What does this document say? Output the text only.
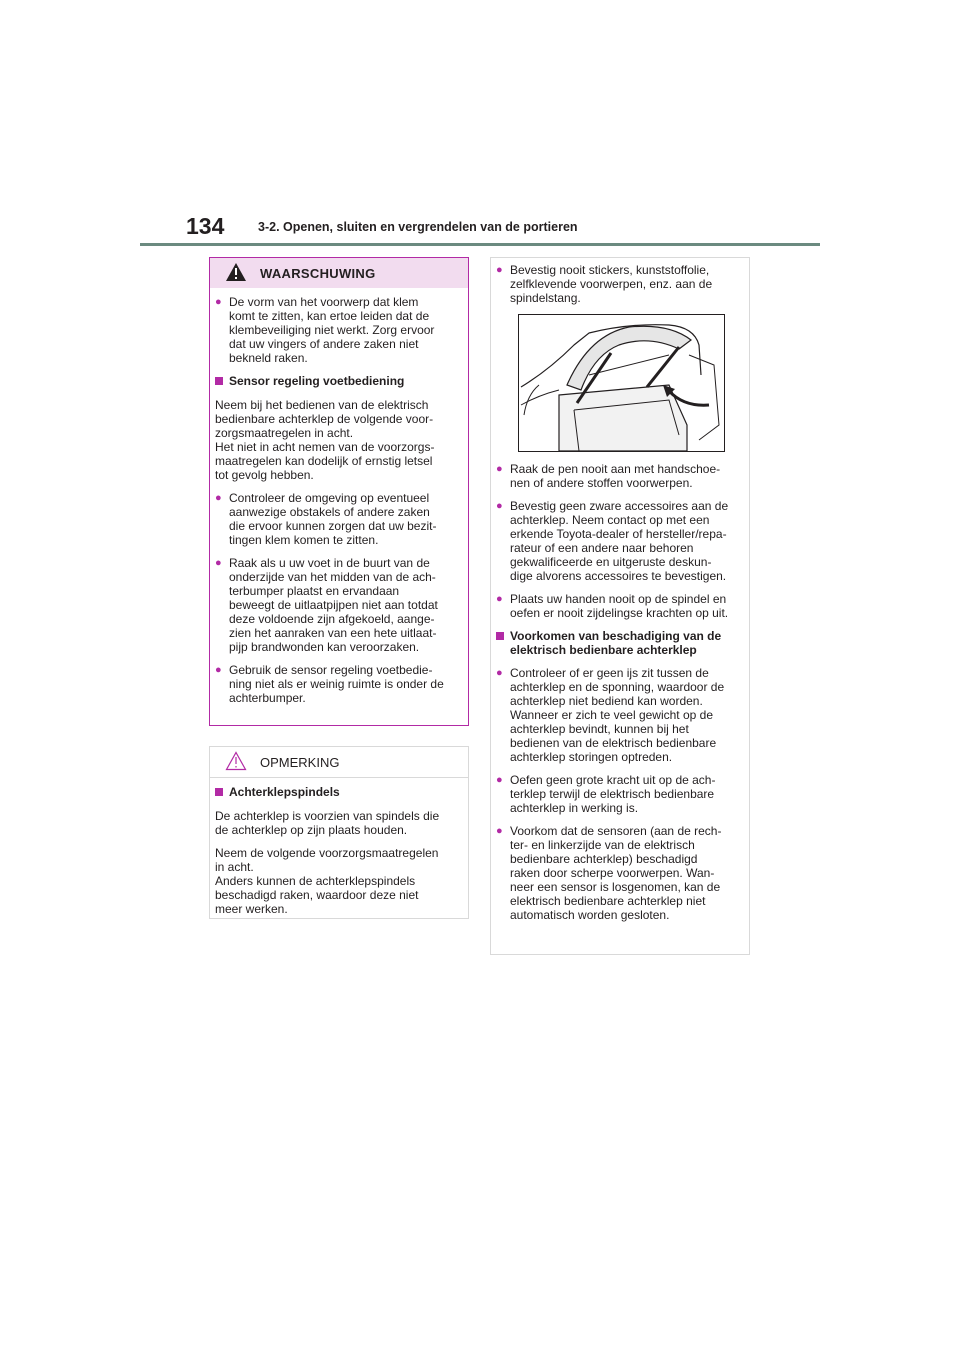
134	3-2. Openen, sluiten en vergrendelen van de portieren
WAARSCHUWING
● De vorm van het voorwerp dat klem
komt te zitten, kan ertoe leiden dat de
klembeveiliging niet werkt. Zorg ervoor
dat uw vingers of andere zaken niet
bekneld raken.
Sensor regeling voetbediening
Neem bij het bedienen van de elektrisch
bedienbare achterklep de volgende voor-
zorgsmaatregelen in acht.
Het niet in acht nemen van de voorzorgs-
maatregelen kan dodelijk of ernstig letsel
tot gevolg hebben.
● Controleer de omgeving op eventueel
aanwezige obstakels of andere zaken
die ervoor kunnen zorgen dat uw bezit-
tingen klem komen te zitten.
● Raak als u uw voet in de buurt van de
onderzijde van het midden van de ach-
terbumper plaatst en ervandaan
beweegt de uitlaatpijpen niet aan totdat
deze voldoende zijn afgekoeld, aange-
zien het aanraken van een hete uitlaat-
pijp brandwonden kan veroorzaken.
● Gebruik de sensor regeling voetbedie-
ning niet als er weinig ruimte is onder de
achterbumper.
OPMERKING
Achterklepspindels
De achterklep is voorzien van spindels die
de achterklep op zijn plaats houden.
Neem de volgende voorzorgsmaatregelen
in acht.
Anders kunnen de achterklepspindels
beschadigd raken, waardoor deze niet
meer werken.
● Bevestig nooit stickers, kunststoffolie,
zelfklevende voorwerpen, enz. aan de
spindelstang.
● Raak de pen nooit aan met handschoe-
nen of andere stoffen voorwerpen.
● Bevestig geen zware accessoires aan de
achterklep. Neem contact op met een
erkende Toyota-dealer of hersteller/repa-
rateur of een andere naar behoren
gekwalificeerde en uitgeruste deskun-
dige alvorens accessoires te bevestigen.
● Plaats uw handen nooit op de spindel en
oefen er nooit zijdelingse krachten op uit.
Voorkomen van beschadiging van de
elektrisch bedienbare achterklep
● Controleer of er geen ijs zit tussen de
achterklep en de sponning, waardoor de
achterklep niet bediend kan worden.
Wanneer er zich te veel gewicht op de
achterklep bevindt, kunnen bij het
bedienen van de elektrisch bedienbare
achterklep storingen optreden.
● Oefen geen grote kracht uit op de ach-
terklep terwijl de elektrisch bedienbare
achterklep in werking is.
● Voorkom dat de sensoren (aan de rech-
ter- en linkerzijde van de elektrisch
bedienbare achterklep) beschadigd
raken door scherpe voorwerpen. Wan-
neer een sensor is losgenomen, kan de
elektrisch bedienbare achterklep niet
automatisch worden gesloten.
